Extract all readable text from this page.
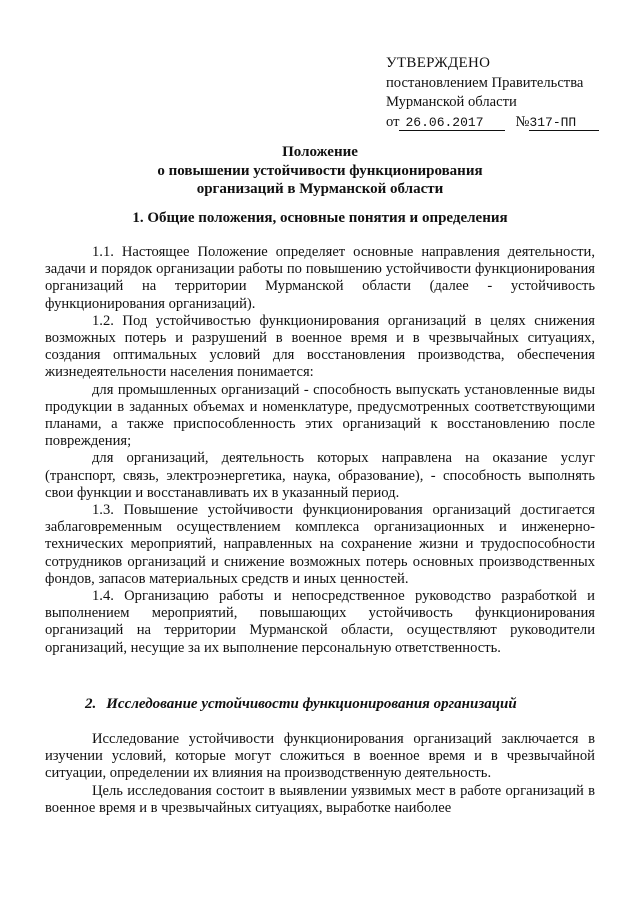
УТВЕРЖДЕНО
постановлением Правительства
Мурманской области
от 26.06.2017 №317-ПП
Положение
о повышении устойчивости функционирования
организаций в Мурманской области
1. Общие положения, основные понятия и определения

1.1. Настоящее Положение определяет основные направления деятельности, задачи и порядок организации работы по повышению устойчивости функционирования организаций на территории Мурманской области (далее - устойчивость функционирования организаций).

1.2. Под устойчивостью функционирования организаций в целях снижения возможных потерь и разрушений в военное время и в чрезвычайных ситуациях, создания оптимальных условий для восстановления производства, обеспечения жизнедеятельности населения понимается:

для промышленных организаций - способность выпускать установленные виды продукции в заданных объемах и номенклатуре, предусмотренных соответствующими планами, а также приспособленность этих организаций к восстановлению после повреждения;

для организаций, деятельность которых направлена на оказание услуг (транспорт, связь, электроэнергетика, наука, образование), - способность выполнять свои функции и восстанавливать их в указанный период.

1.3. Повышение устойчивости функционирования организаций достигается заблаговременным осуществлением комплекса организационных и инженерно- технических мероприятий, направленных на сохранение жизни и трудоспособности сотрудников организаций и снижение возможных потерь основных производственных фондов, запасов материальных средств и иных ценностей.

1.4. Организацию работы и непосредственное руководство разработкой и выполнением мероприятий, повышающих устойчивость функционирования организаций на территории Мурманской области, осуществляют руководители организаций, несущие за их выполнение персональную ответственность.

2. Исследование устойчивости функционирования организаций

Исследование устойчивости функционирования организаций заключается в изучении условий, которые могут сложиться в военное время и в чрезвычайной ситуации, определении их влияния на производственную деятельность.

Цель исследования состоит в выявлении уязвимых мест в работе организаций в военное время и в чрезвычайных ситуациях, выработке наиболее
